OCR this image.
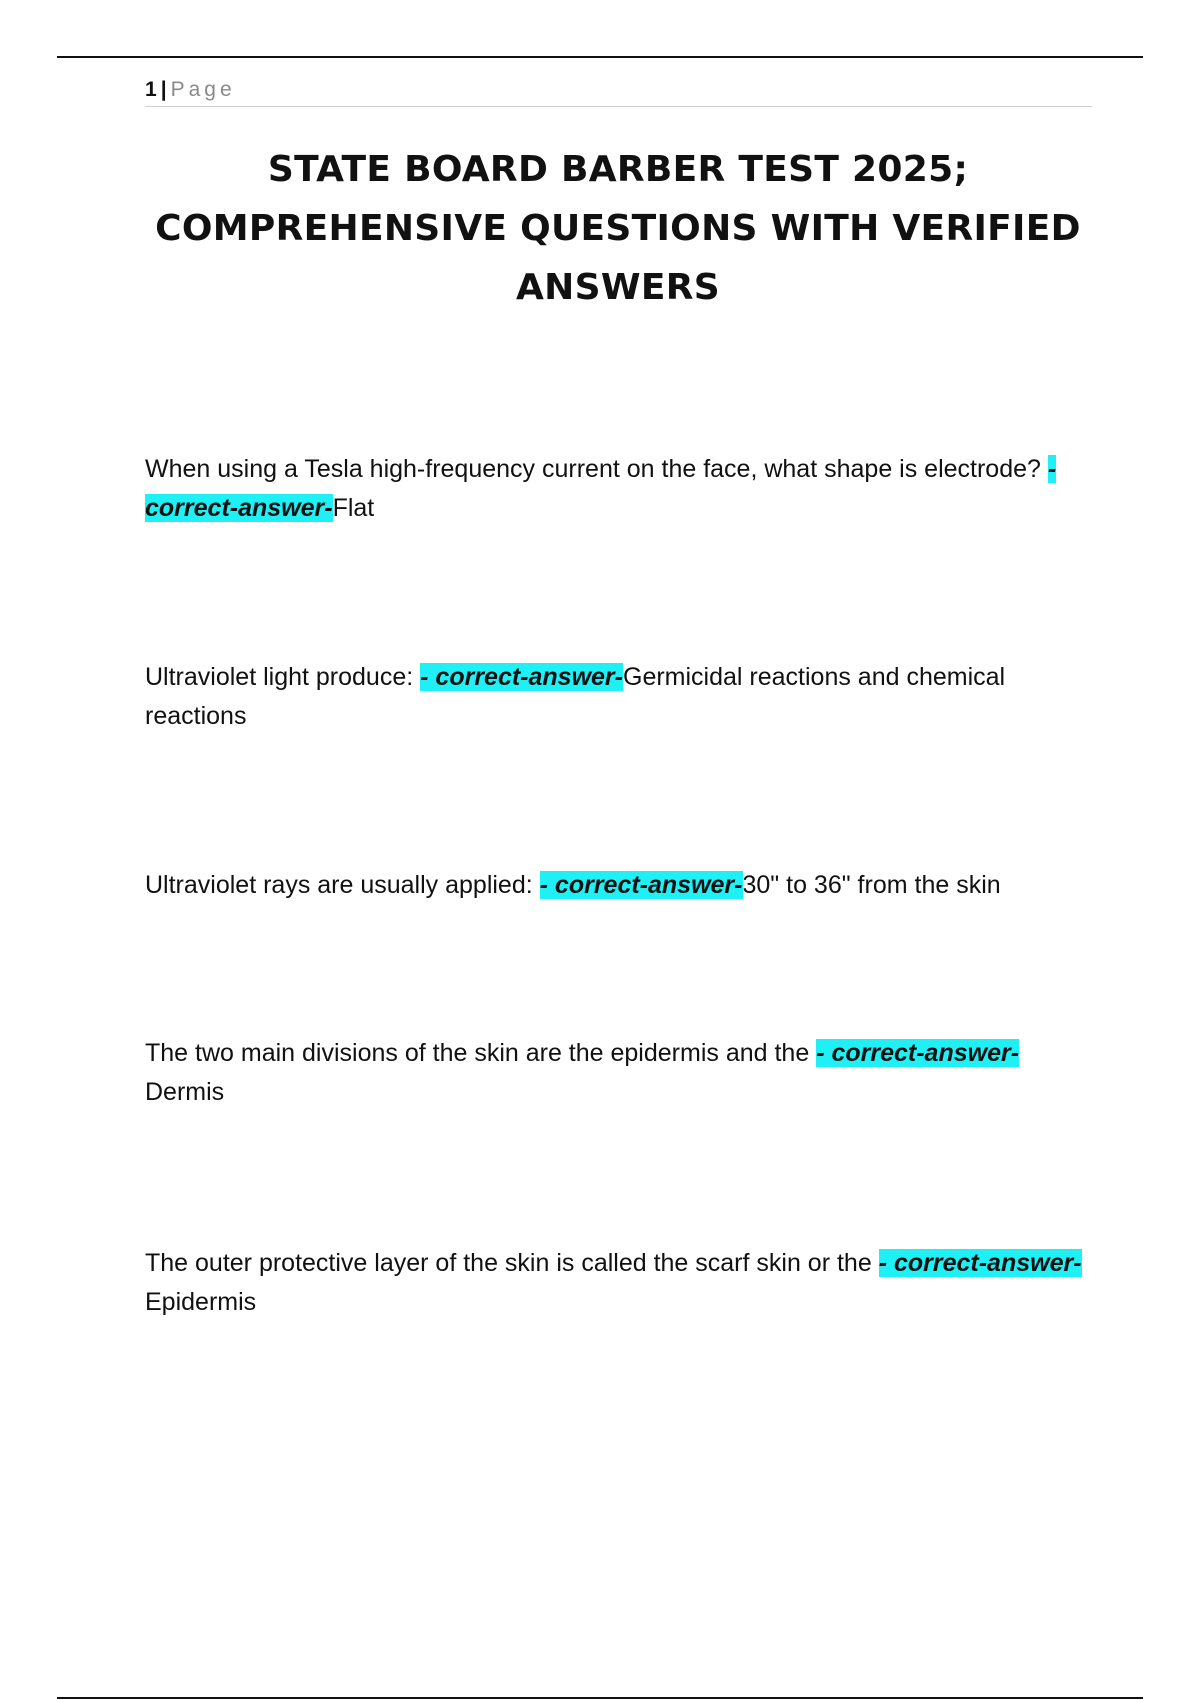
1 | Page
STATE BOARD BARBER TEST 2025;
COMPREHENSIVE QUESTIONS WITH VERIFIED
ANSWERS
When using a Tesla high-frequency current on the face, what shape is electrode? -correct-answer-Flat
Ultraviolet light produce: - correct-answer-Germicidal reactions and chemical reactions
Ultraviolet rays are usually applied: - correct-answer-30" to 36" from the skin
The two main divisions of the skin are the epidermis and the - correct-answer-Dermis
The outer protective layer of the skin is called the scarf skin or the - correct-answer-Epidermis
